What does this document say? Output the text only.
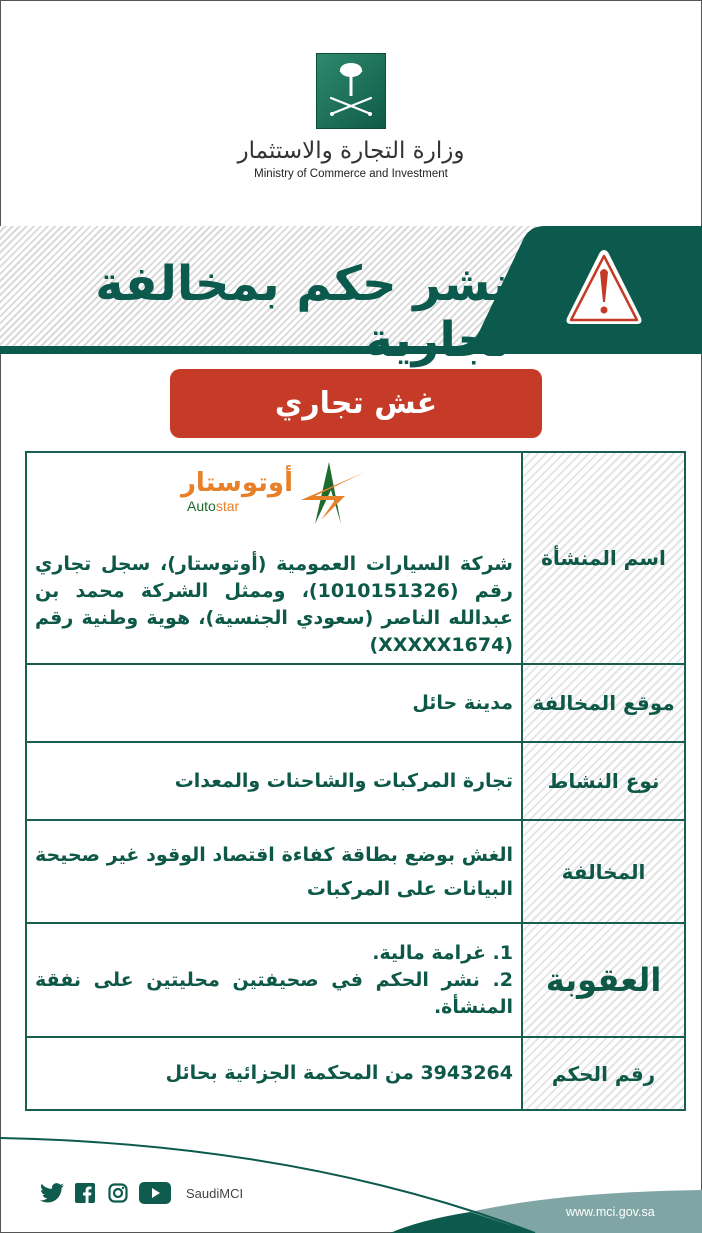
وزارة التجارة والاستثمار
Ministry of Commerce and Investment
نشر حكم بمخالفة تجارية
غش تجاري

شركة السيارات العمومية (أوتوستار)، سجل تجاري رقم (1010151326)، وممثل الشركة محمد بن عبدالله الناصر (سعودي الجنسية)، هوية وطنية رقم (XXXXX1674)

اسم المنشأة

مدينة حائل موقع المخالفة

تجارة المركبات والشاحنات والمعدات	نوع النشاط

الغش بوضع بطاقة كفاءة اقتصاد الوقود غير صحيحة البيانات على المركبات

المخالفة

1. غرامة مالية.

2. نشر الحكم في صحيفتين محليتين على نفقة المنشأة.

العقوبة

3943264 من المحكمة الجزائية بحائل	رقم الحكم
أوتوستار
Autostar
SaudiMCI
www.mci.gov.sa
